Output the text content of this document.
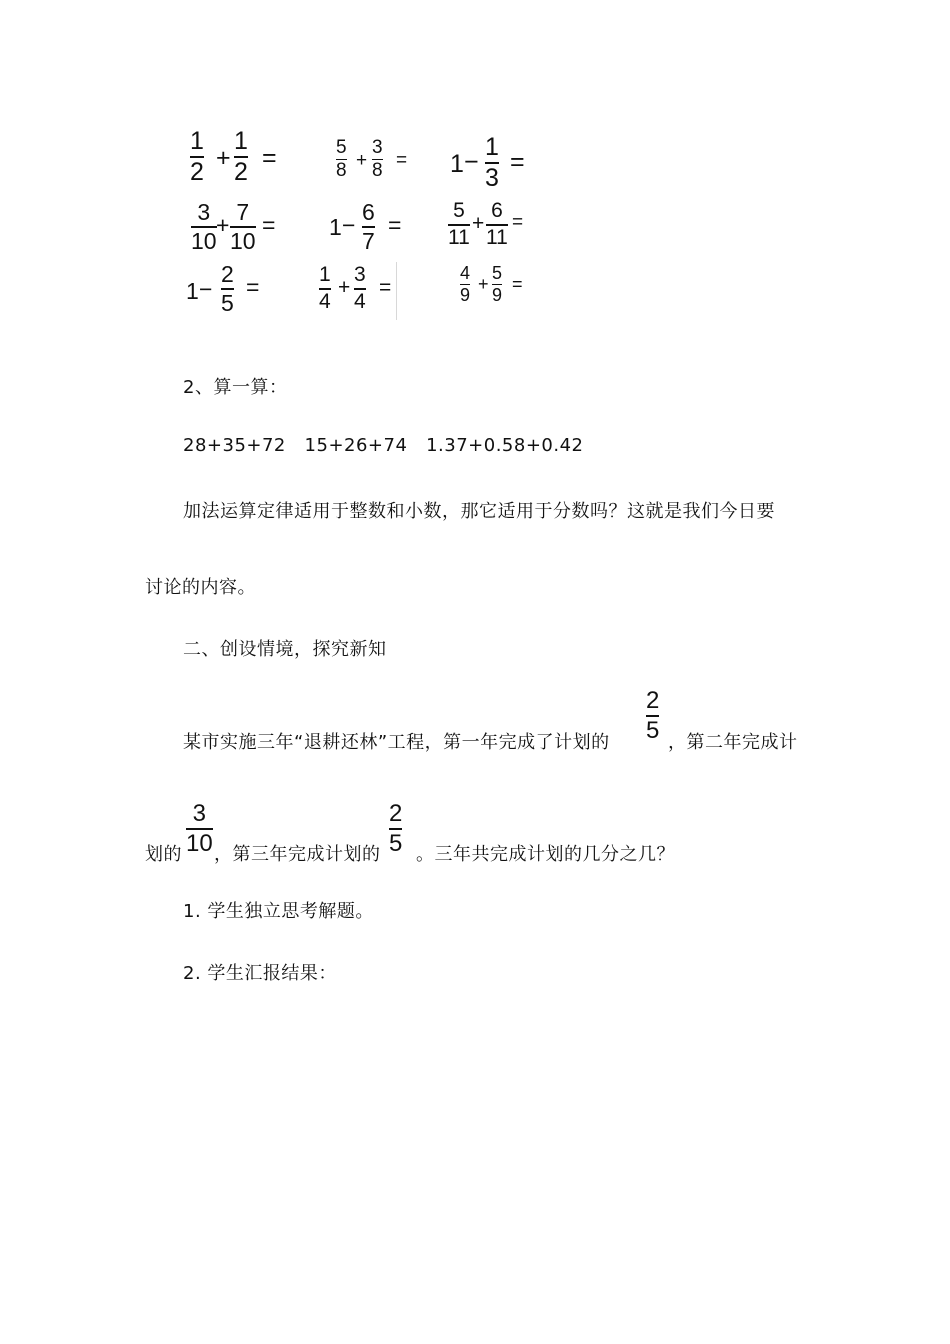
1
2
+
1
2
=	5
8 +
3
8 = 1 −
1
3
=
3
10
+ 7
10
= 1 − 6
7
=
5
11
+
6
11
=
1 −
2
5
=	1
4
+
3
4
=
4
9
+
5
9
=
2、算一算：
28+35+72   15+26+74   1.37+0.58+0.42
加法运算定律适用于整数和小数，那它适用于分数吗？这就是我们今日要
讨论的内容。
二、创设情境，探究新知
某市实施三年“退耕还林”工程，第一年完成了计划的
2
5 ，第二年完成计
划的
3
10 ，第三年完成计划的
2
5 。三年共完成计划的几分之几？
1. 学生独立思考解题。
2. 学生汇报结果：
